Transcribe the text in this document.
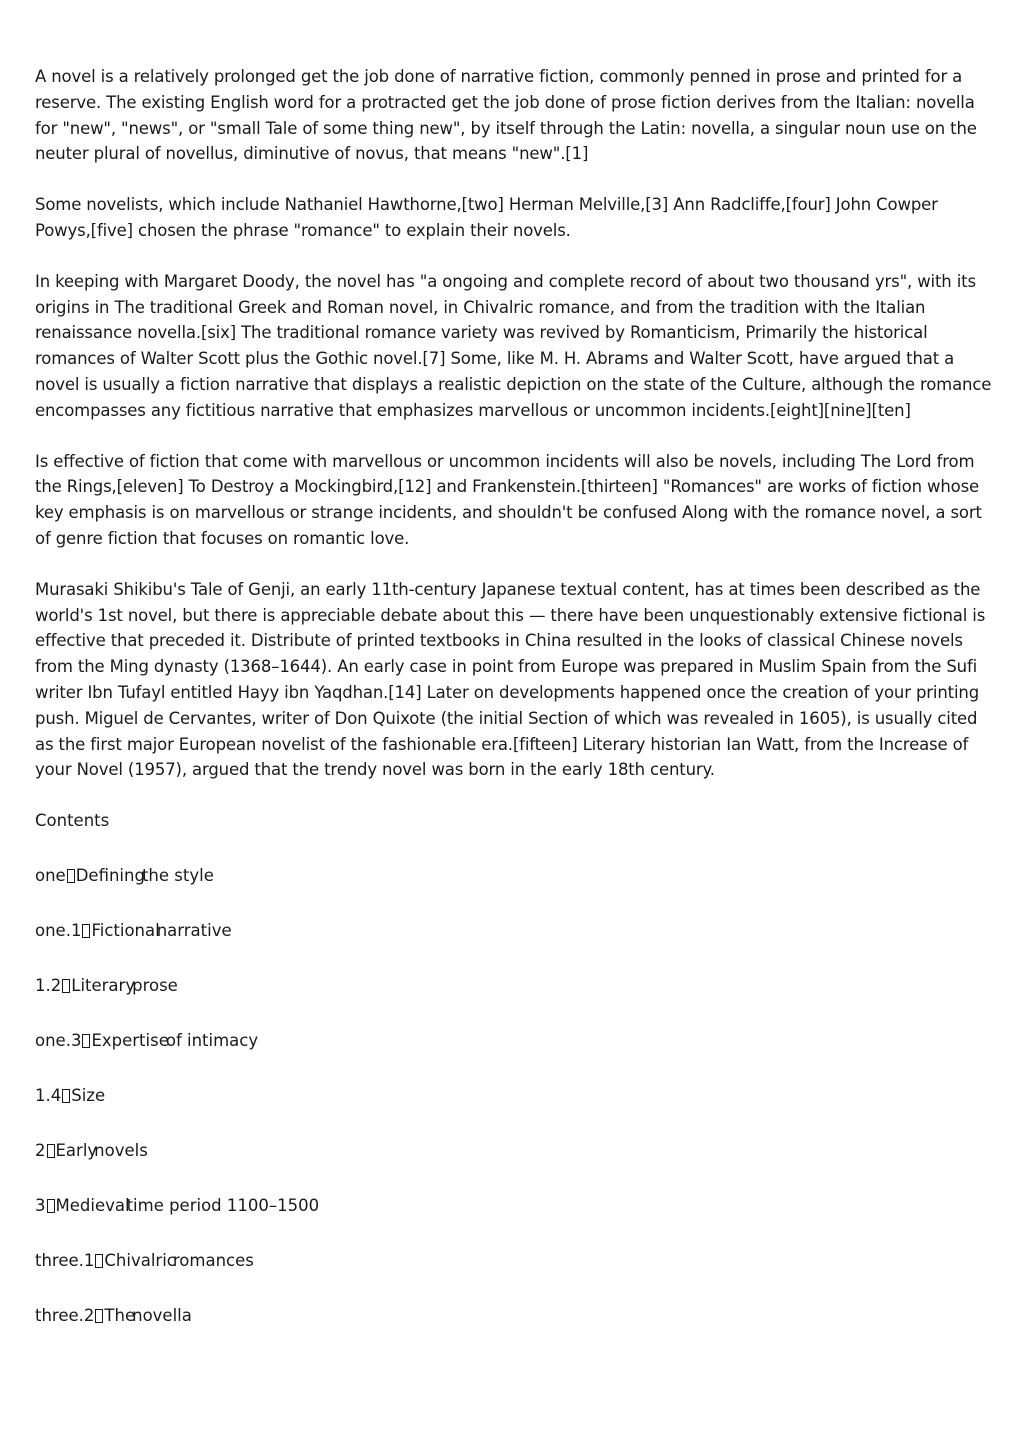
A novel is a relatively prolonged get the job done of narrative fiction, commonly penned in prose and printed for a reserve. The existing English word for a protracted get the job done of prose fiction derives from the Italian: novella for "new", "news", or "small Tale of some thing new", by itself through the Latin: novella, a singular noun use on the neuter plural of novellus, diminutive of novus, that means "new".[1]

Some novelists, which include Nathaniel Hawthorne,[two] Herman Melville,[3] Ann Radcliffe,[four] John Cowper Powys,[five] chosen the phrase "romance" to explain their novels.

In keeping with Margaret Doody, the novel has "a ongoing and complete record of about two thousand yrs", with its origins in The traditional Greek and Roman novel, in Chivalric romance, and from the tradition with the Italian renaissance novella.[six] The traditional romance variety was revived by Romanticism, Primarily the historical romances of Walter Scott plus the Gothic novel.[7] Some, like M. H. Abrams and Walter Scott, have argued that a novel is usually a fiction narrative that displays a realistic depiction on the state of the Culture, although the romance encompasses any fictitious narrative that emphasizes marvellous or uncommon incidents.[eight][nine][ten]

Is effective of fiction that come with marvellous or uncommon incidents will also be novels, including The Lord from the Rings,[eleven] To Destroy a Mockingbird,[12] and Frankenstein.[thirteen] "Romances" are works of fiction whose key emphasis is on marvellous or strange incidents, and shouldn't be confused Along with the romance novel, a sort of genre fiction that focuses on romantic love.

Murasaki Shikibu's Tale of Genji, an early 11th-century Japanese textual content, has at times been described as the world's 1st novel, but there is appreciable debate about this — there have been unquestionably extensive fictional is effective that preceded it. Distribute of printed textbooks in China resulted in the looks of classical Chinese novels from the Ming dynasty (1368–1644). An early case in point from Europe was prepared in Muslim Spain from the Sufi writer Ibn Tufayl entitled Hayy ibn Yaqdhan.[14] Later on developments happened once the creation of your printing push. Miguel de Cervantes, writer of Don Quixote (the initial Section of which was revealed in 1605), is usually cited as the first major European novelist of the fashionable era.[fifteen] Literary historian Ian Watt, from the Increase of your Novel (1957), argued that the trendy novel was born in the early 18th century.

Contents
one Definingthe style
one.1 Fictionalnarrative
1.2 Literaryprose
one.3 Expertiseof intimacy
1.4 Size
2 Earlynovels
3 Medievaltime period 1100–1500
three.1 Chivalricromances
three.2 Thenovella
